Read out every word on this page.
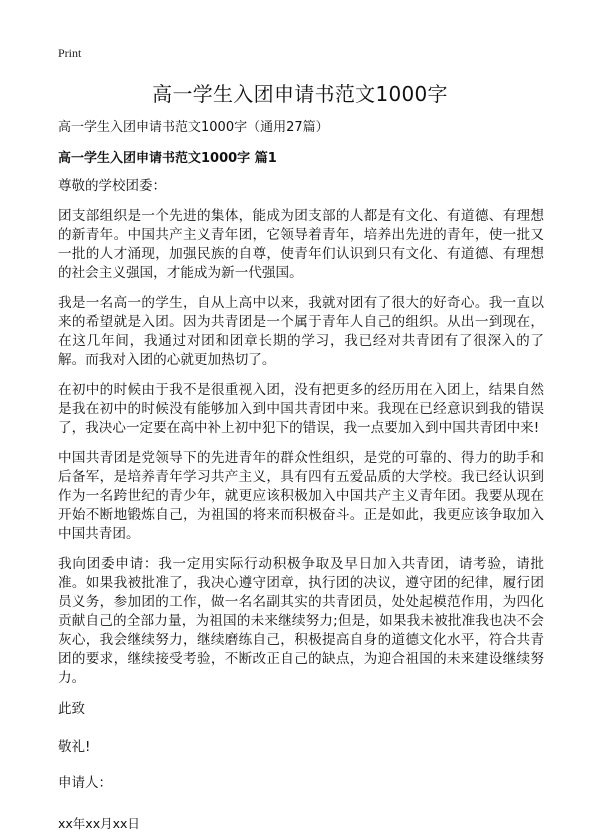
Print
高一学生入团申请书范文1000字

高一学生入团申请书范文1000字（通用27篇）

高一学生入团申请书范文1000字 篇1

尊敬的学校团委：

团支部组织是一个先进的集体，能成为团支部的人都是有文化、有道德、有理想的新青年。中国共产主义青年团，它领导着青年，培养出先进的青年，使一批又一批的人才涌现，加强民族的自尊，使青年们认识到只有文化、有道德、有理想的社会主义强国，才能成为新一代强国。

我是一名高一的学生，自从上高中以来，我就对团有了很大的好奇心。我一直以来的希望就是入团。因为共青团是一个属于青年人自己的组织。从出一到现在，在这几年间，我通过对团和团章长期的学习，我已经对共青团有了很深入的了解。而我对入团的心就更加热切了。

在初中的时候由于我不是很重视入团，没有把更多的经历用在入团上，结果自然是我在初中的时候没有能够加入到中国共青团中来。我现在已经意识到我的错误了，我决心一定要在高中补上初中犯下的错误，我一点要加入到中国共青团中来!

中国共青团是党领导下的先进青年的群众性组织，是党的可靠的、得力的助手和后备军，是培养青年学习共产主义，具有四有五爱品质的大学校。我已经认识到作为一名跨世纪的青少年，就更应该积极加入中国共产主义青年团。我要从现在开始不断地锻炼自己，为祖国的将来而积极奋斗。正是如此，我更应该争取加入中国共青团。

我向团委申请：我一定用实际行动积极争取及早日加入共青团，请考验，请批准。如果我被批准了，我决心遵守团章，执行团的决议，遵守团的纪律，履行团员义务，参加团的工作，做一名名副其实的共青团员，处处起模范作用，为四化贡献自己的全部力量，为祖国的未来继续努力;但是，如果我未被批准我也决不会灰心，我会继续努力，继续磨练自己，积极提高自身的道德文化水平，符合共青团的要求，继续接受考验，不断改正自己的缺点，为迎合祖国的未来建设继续努力。

此致
敬礼!
申请人：
xx年xx月xx日
